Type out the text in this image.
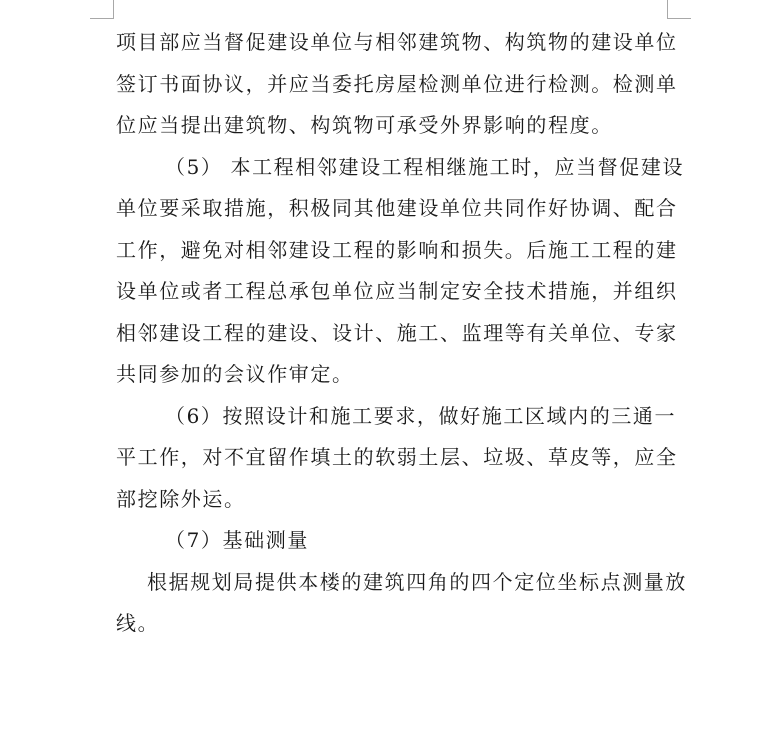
项目部应当督促建设单位与相邻建筑物、构筑物的建设单位

签订书面协议，并应当委托房屋检测单位进行检测。检测单

位应当提出建筑物、构筑物可承受外界影响的程度。

（5） 本工程相邻建设工程相继施工时，应当督促建设

单位要采取措施，积极同其他建设单位共同作好协调、配合

工作，避免对相邻建设工程的影响和损失。后施工工程的建

设单位或者工程总承包单位应当制定安全技术措施，并组织

相邻建设工程的建设、设计、施工、监理等有关单位、专家

共同参加的会议作审定。

（6）按照设计和施工要求，做好施工区域内的三通一

平工作，对不宜留作填土的软弱土层、垃圾、草皮等，应全

部挖除外运。

（7）基础测量

根据规划局提供本楼的建筑四角的四个定位坐标点测量放

线。
